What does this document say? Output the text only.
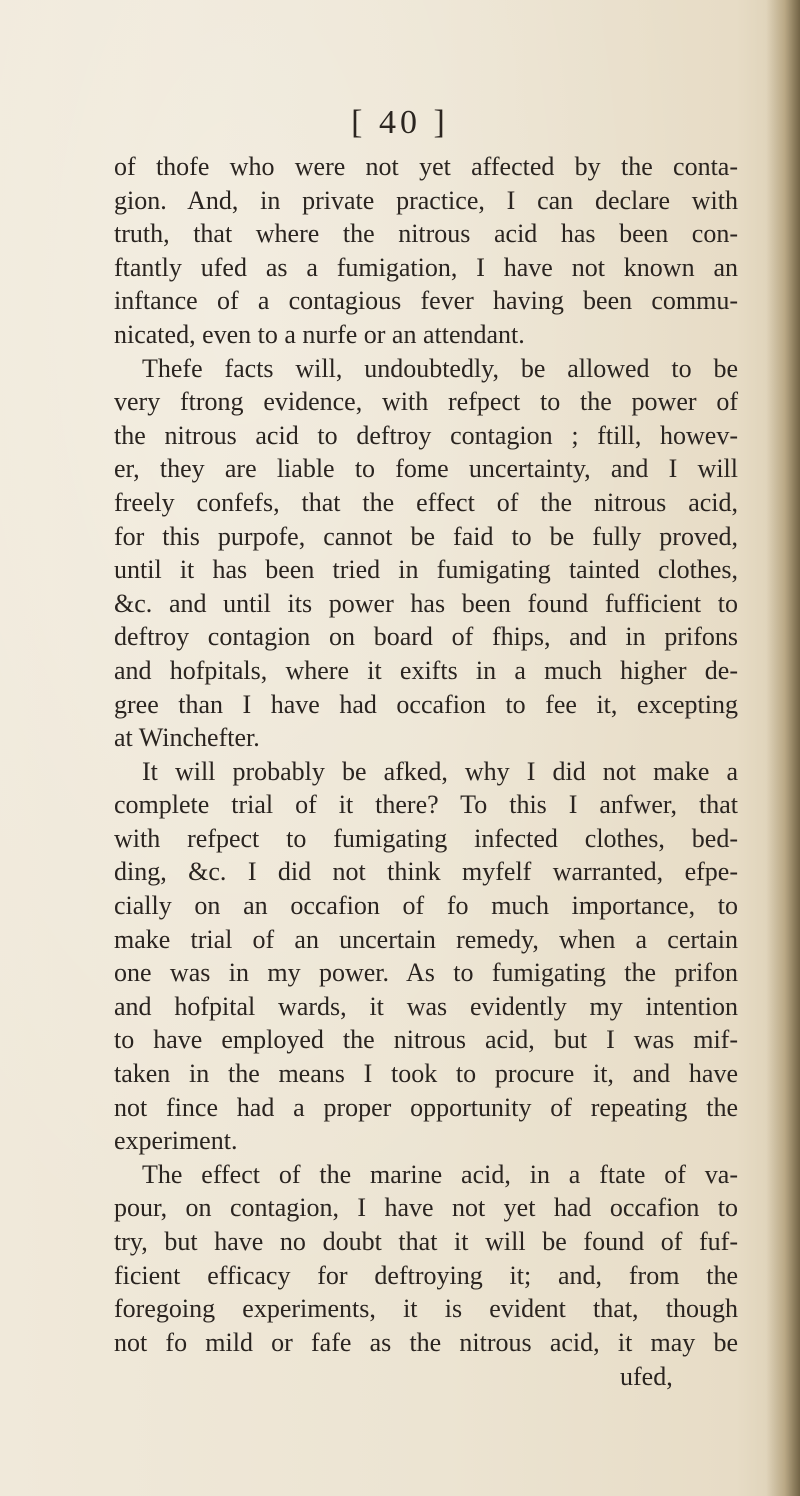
[ 40 ]
of thofe who were not yet affected by the conta-
gion. And, in private practice, I can declare with
truth, that where the nitrous acid has been con-
ftantly ufed as a fumigation, I have not known an
inftance of a contagious fever having been commu-
nicated, even to a nurfe or an attendant.
Thefe facts will, undoubtedly, be allowed to be
very ftrong evidence, with refpect to the power of
the nitrous acid to deftroy contagion ; ftill, howev-
er, they are liable to fome uncertainty, and I will
freely confefs, that the effect of the nitrous acid,
for this purpofe, cannot be faid to be fully proved,
until it has been tried in fumigating tainted clothes,
&c. and until its power has been found fufficient to
deftroy contagion on board of fhips, and in prifons
and hofpitals, where it exifts in a much higher de-
gree than I have had occafion to fee it, excepting
at Winchefter.
It will probably be afked, why I did not make a
complete trial of it there? To this I anfwer, that
with refpect to fumigating infected clothes, bed-
ding, &c. I did not think myfelf warranted, efpe-
cially on an occafion of fo much importance, to
make trial of an uncertain remedy, when a certain
one was in my power. As to fumigating the prifon
and hofpital wards, it was evidently my intention
to have employed the nitrous acid, but I was mif-
taken in the means I took to procure it, and have
not fince had a proper opportunity of repeating the
experiment.
The effect of the marine acid, in a ftate of va-
pour, on contagion, I have not yet had occafion to
try, but have no doubt that it will be found of fuf-
ficient efficacy for deftroying it; and, from the
foregoing experiments, it is evident that, though
not fo mild or fafe as the nitrous acid, it may be
ufed,
